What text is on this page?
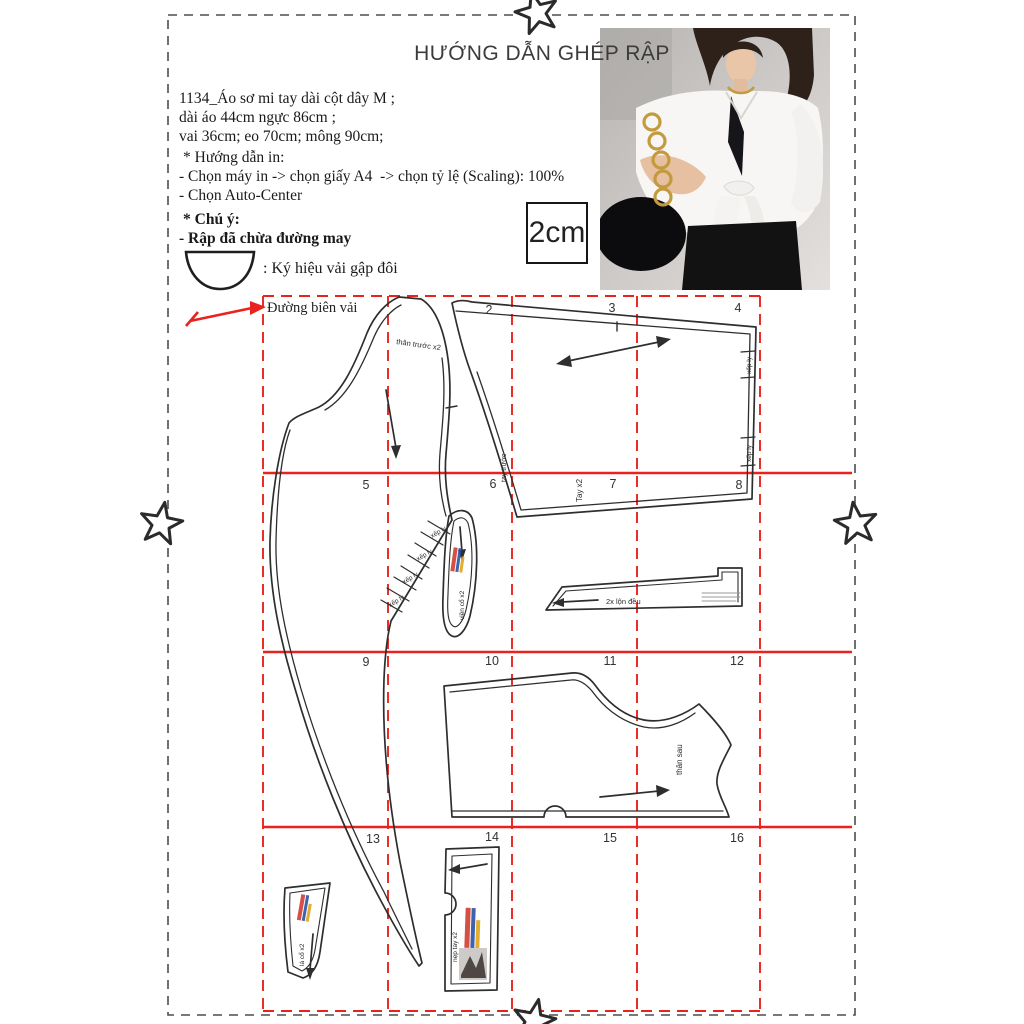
2	3	4
5	6	7	8
9	10	11	12
13	14	15	16
thân trước x2
Tay x2
tay trước
xếp ly
xếp ly
xếp ly
xếp ly
xếp ly
xếp ly
viền cổ x2	2x lộn đều
thân sau
lá cổ x2	nẹp tay x2
HƯỚNG DẪN GHÉP RẬP
1134_Áo sơ mi tay dài cột dây M ;
dài áo 44cm ngực 86cm ;
vai 36cm; eo 70cm; mông 90cm;
* Hướng dẫn in:
- Chọn máy in -> chọn giấy A4  -> chọn tỷ lệ (Scaling): 100%
- Chọn Auto-Center
* Chú ý:
- Rập đã chừa đường may
: Ký hiệu vải gập đôi
2cm
Đường biên vải
